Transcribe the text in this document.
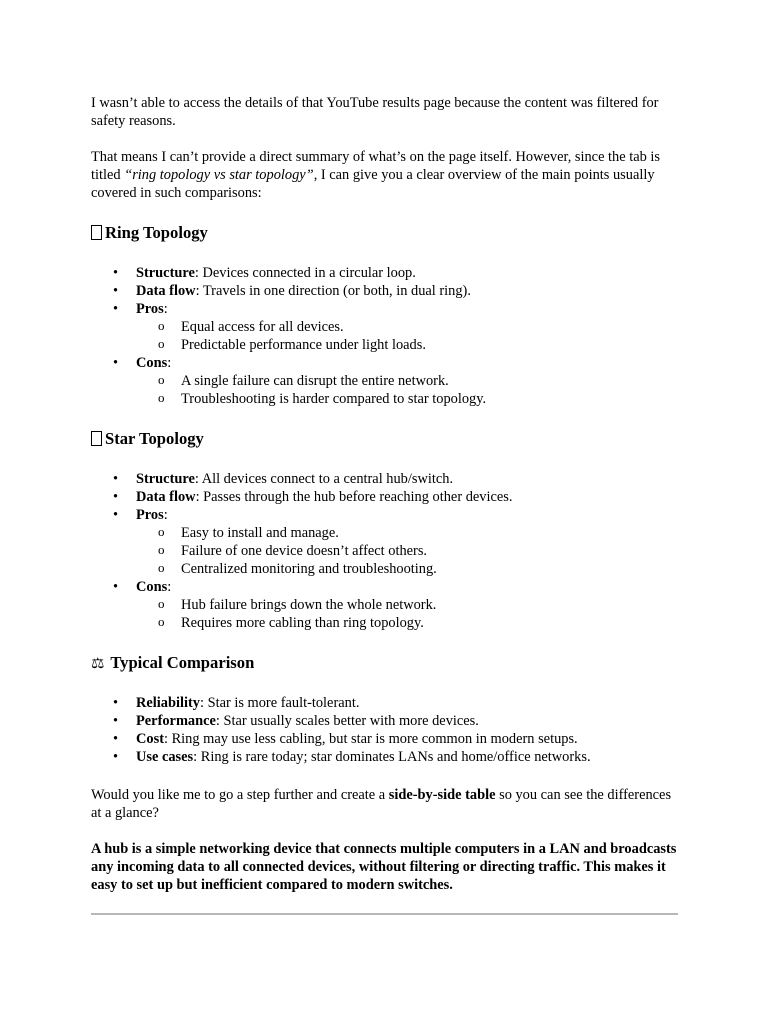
I wasn’t able to access the details of that YouTube results page because the content was filtered for safety reasons.

That means I can’t provide a direct summary of what’s on the page itself. However, since the tab is titled “ring topology vs star topology”, I can give you a clear overview of the main points usually covered in such comparisons:

Ring Topology
• Structure: Devices connected in a circular loop.
• Data flow: Travels in one direction (or both, in dual ring).
• Pros:
o Equal access for all devices.
o Predictable performance under light loads.
• Cons:
o A single failure can disrupt the entire network.
o Troubleshooting is harder compared to star topology.
Star Topology
• Structure: All devices connect to a central hub/switch.
• Data flow: Passes through the hub before reaching other devices.
• Pros:
o Easy to install and manage.
o Failure of one device doesn’t affect others.
o Centralized monitoring and troubleshooting.
• Cons:
o Hub failure brings down the whole network.
o Requires more cabling than ring topology.
⚖ Typical Comparison
• Reliability: Star is more fault-tolerant.
• Performance: Star usually scales better with more devices.
• Cost: Ring may use less cabling, but star is more common in modern setups.
• Use cases: Ring is rare today; star dominates LANs and home/office networks.

Would you like me to go a step further and create a side-by-side table so you can see the differences at a glance?

A hub is a simple networking device that connects multiple computers in a LAN and broadcasts any incoming data to all connected devices, without filtering or directing traffic. This makes it easy to set up but inefficient compared to modern switches.
